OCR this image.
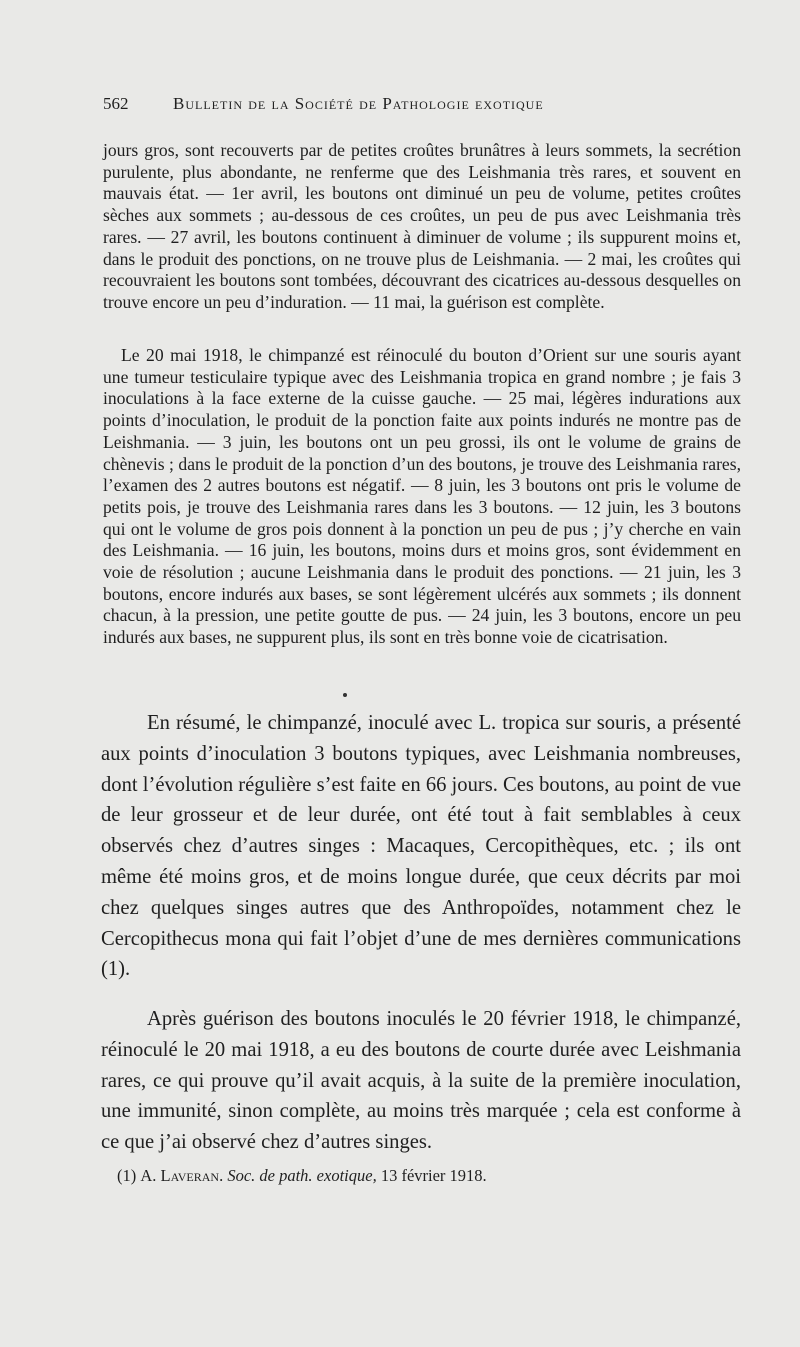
562	Bulletin de la Société de Pathologie exotique

jours gros, sont recouverts par de petites croûtes brunâtres à leurs sommets, la secrétion purulente, plus abondante, ne renferme que des Leishmania très rares, et souvent en mauvais état. — 1er avril, les boutons ont diminué un peu de volume, petites croûtes sèches aux sommets ; au-dessous de ces croûtes, un peu de pus avec Leishmania très rares. — 27 avril, les boutons continuent à diminuer de volume ; ils suppurent moins et, dans le produit des ponctions, on ne trouve plus de Leishmania. — 2 mai, les croûtes qui recouvraient les boutons sont tombées, découvrant des cicatrices au-dessous desquelles on trouve encore un peu d’induration. — 11 mai, la guérison est complète.

Le 20 mai 1918, le chimpanzé est réinoculé du bouton d’Orient sur une souris ayant une tumeur testiculaire typique avec des Leishmania tropica en grand nombre ; je fais 3 inoculations à la face externe de la cuisse gauche. — 25 mai, légères indurations aux points d’inoculation, le produit de la ponction faite aux points indurés ne montre pas de Leishmania. — 3 juin, les boutons ont un peu grossi, ils ont le volume de grains de chènevis ; dans le produit de la ponction d’un des boutons, je trouve des Leishmania rares, l’examen des 2 autres boutons est négatif. — 8 juin, les 3 boutons ont pris le volume de petits pois, je trouve des Leishmania rares dans les 3 boutons. — 12 juin, les 3 boutons qui ont le volume de gros pois donnent à la ponction un peu de pus ; j’y cherche en vain des Leishmania. — 16 juin, les boutons, moins durs et moins gros, sont évidemment en voie de résolution ; aucune Leishmania dans le produit des ponctions. — 21 juin, les 3 boutons, encore indurés aux bases, se sont légèrement ulcérés aux sommets ; ils donnent chacun, à la pression, une petite goutte de pus. — 24 juin, les 3 boutons, encore un peu indurés aux bases, ne suppurent plus, ils sont en très bonne voie de cicatrisation.

En résumé, le chimpanzé, inoculé avec L. tropica sur souris, a présenté aux points d’inoculation 3 boutons typiques, avec Leishmania nombreuses, dont l’évolution régulière s’est faite en 66 jours. Ces boutons, au point de vue de leur grosseur et de leur durée, ont été tout à fait semblables à ceux observés chez d’autres singes : Macaques, Cercopithèques, etc. ; ils ont même été moins gros, et de moins longue durée, que ceux décrits par moi chez quelques singes autres que des Anthropoïdes, notamment chez le Cercopithecus mona qui fait l’objet d’une de mes dernières communications (1).

Après guérison des boutons inoculés le 20 février 1918, le chimpanzé, réinoculé le 20 mai 1918, a eu des boutons de courte durée avec Leishmania rares, ce qui prouve qu’il avait acquis, à la suite de la première inoculation, une immunité, sinon complète, au moins très marquée ; cela est conforme à ce que j’ai observé chez d’autres singes.

(1) A. Laveran. Soc. de path. exotique, 13 février 1918.
